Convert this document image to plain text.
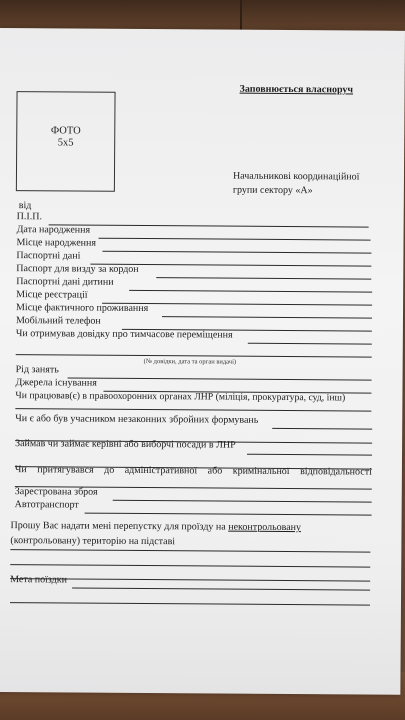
Заповнюється власноруч
ФОТО
5x5
Начальникові координаційної
групи сектору «А»
від
П.І.П.
Дата народження
Місце народження
Паспортні дані
Паспорт для визду за кордон
Паспортні дані дитини
Місце реєстрації
Місце фактичного проживання
Мобільний телефон
Чи отримував довідку про тимчасове переміщення
(№ довідки, дата та орган видачі)
Рід занять
Джерела існування
Чи працював(є) в правоохоронних органах ЛНР (міліція, прокуратура, суд, інш)
Чи є або був учасником незаконних збройних формувань
Займав чи займає керівні або виборчі посади в ЛНР
Чи притягувався до адміністративної або кримінальної відповідальності
Зарестрована зброя
Автотранспорт
Прошу Вас надати мені перепустку для проїзду на неконтрольовану
(контрольовану) територію на підставі
Мета поїздки
